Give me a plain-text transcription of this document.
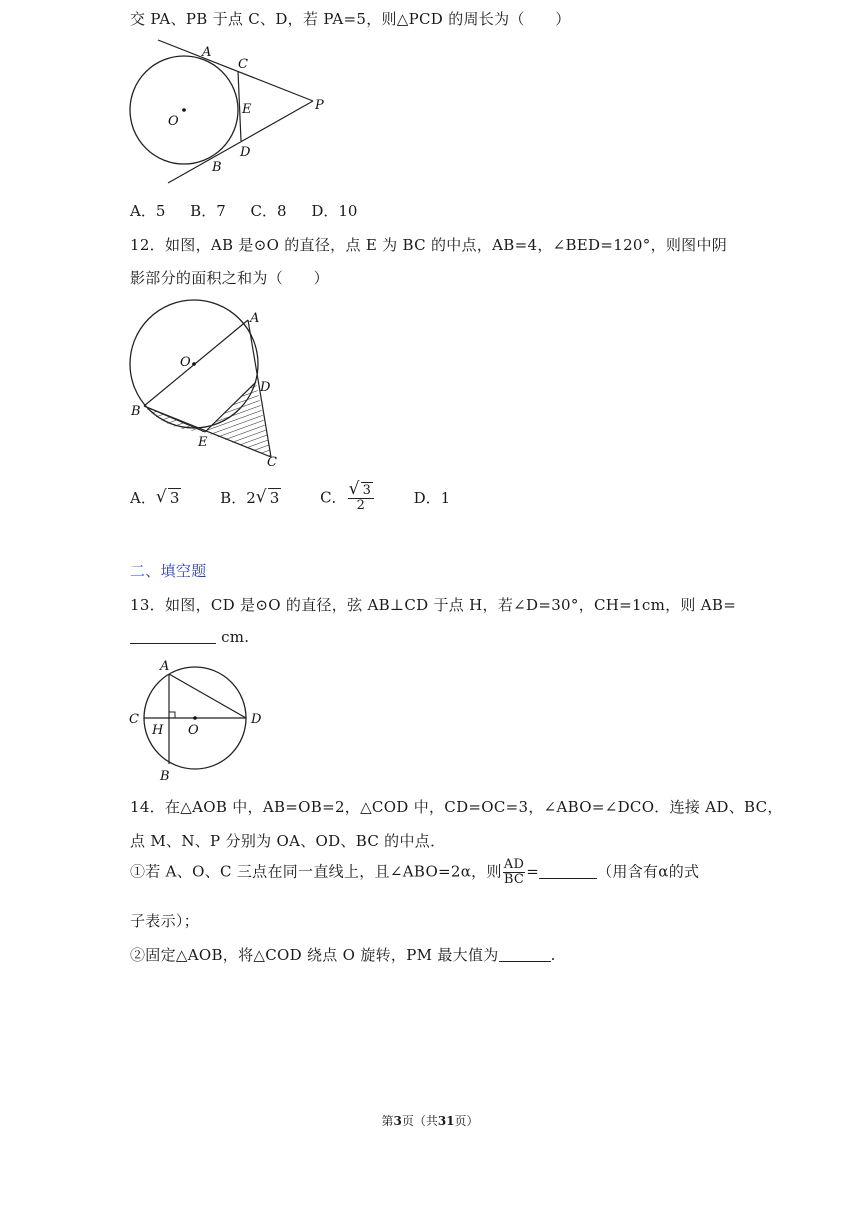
交 PA、PB 于点 C、D，若 PA=5，则△PCD 的周长为（　　）
A
C
E
O
P
D
B
A．5 B．7 C．8 D．10
12．如图，AB 是⊙O 的直径，点 E 为 BC 的中点，AB=4，∠BED=120°，则图中阴
影部分的面积之和为（　　）
A
O
D
B
E
C
A． √ 3	B．2 √ 3	C． $\frac{√ 3}{2}$	D．1
二、填空题
13．如图，CD 是⊙O 的直径，弦 AB⊥CD 于点 H，若∠D=30°，CH=1cm，则 AB=
cm.
A
C	D
H O
B
14．在△AOB 中，AB=OB=2，△COD 中，CD=OC=3，∠ABO=∠DCO．连接 AD、BC，
点 M、N、P 分别为 OA、OD、BC 的中点．
①若 A、O、C 三点在同一直线上，且∠ABO=2α，则 $\frac{AD}{BC}$ =	（用含有α的式
子表示）；
②固定△AOB，将△COD 绕点 O 旋转，PM 最大值为	.
第3页（共31页）
